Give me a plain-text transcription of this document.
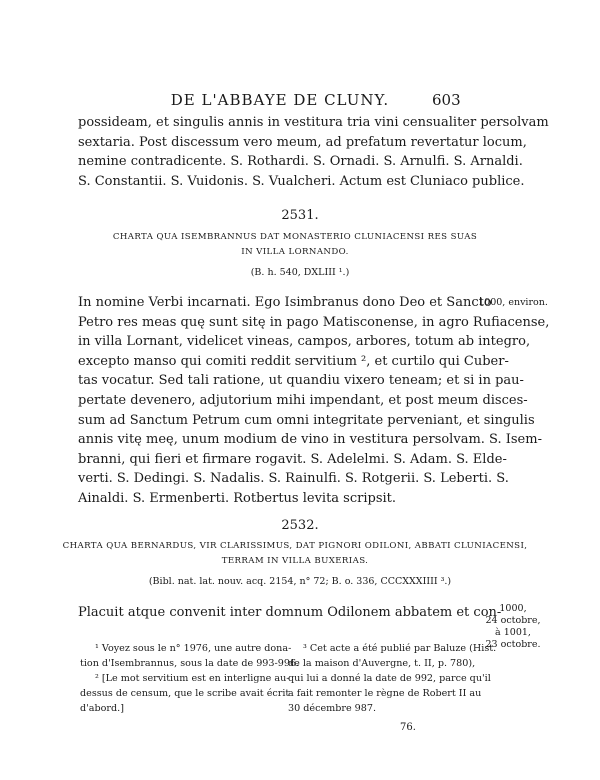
DE L'ABBAYE DE CLUNY.	603
possideam, et singulis annis in vestitura tria vini censualiter persolvam
sextaria. Post discessum vero meum, ad prefatum revertatur locum,
nemine contradicente. S. Rothardi. S. Ornadi. S. Arnulfi. S. Arnaldi.
S. Constantii. S. Vuidonis. S. Vualcheri. Actum est Cluniaco publice.
2531.
CHARTA QUA ISEMBRANNUS DAT MONASTERIO CLUNIACENSI RES SUAS
IN VILLA LORNANDO.
(B. h. 540, DXLIII ¹.)
1000, environ.
In nomine Verbi incarnati. Ego Isimbranus dono Deo et Sancto
Petro res meas quę sunt sitę in pago Matisconense, in agro Rufiacense,
in villa Lornant, videlicet vineas, campos, arbores, totum ab integro,
excepto manso qui comiti reddit servitium ², et curtilo qui Cuber-
tas vocatur. Sed tali ratione, ut quandiu vixero teneam; et si in pau-
pertate devenero, adjutorium mihi impendant, et post meum disces-
sum ad Sanctum Petrum cum omni integritate perveniant, et singulis
annis vitę meę, unum modium de vino in vestitura persolvam. S. Isem-
branni, qui fieri et firmare rogavit. S. Adelelmi. S. Adam. S. Elde-
verti. S. Dedingi. S. Nadalis. S. Rainulfi. S. Rotgerii. S. Leberti. S.
Ainaldi. S. Ermenberti. Rotbertus levita scripsit.
2532.
CHARTA QUA BERNARDUS, VIR CLARISSIMUS, DAT PIGNORI ODILONI, ABBATI CLUNIACENSI,
TERRAM IN VILLA BUXERIAS.
(Bibl. nat. lat. nouv. acq. 2154, n° 72; B. o. 336, CCCXXXIIII ³.)
1000,
24 octobre,
à 1001,
23 octobre.
Placuit atque convenit inter domnum Odilonem abbatem et con-
¹ Voyez sous le n° 1976, une autre dona-
tion d'Isembrannus, sous la date de 993-996.
² [Le mot servitium est en interligne au-
dessus de censum, que le scribe avait écrit
d'abord.]
³ Cet acte a été publié par Baluze (Hist.
de la maison d'Auvergne, t. II, p. 780),
qui lui a donné la date de 992, parce qu'il
a fait remonter le règne de Robert II au
30 décembre 987.
76.
